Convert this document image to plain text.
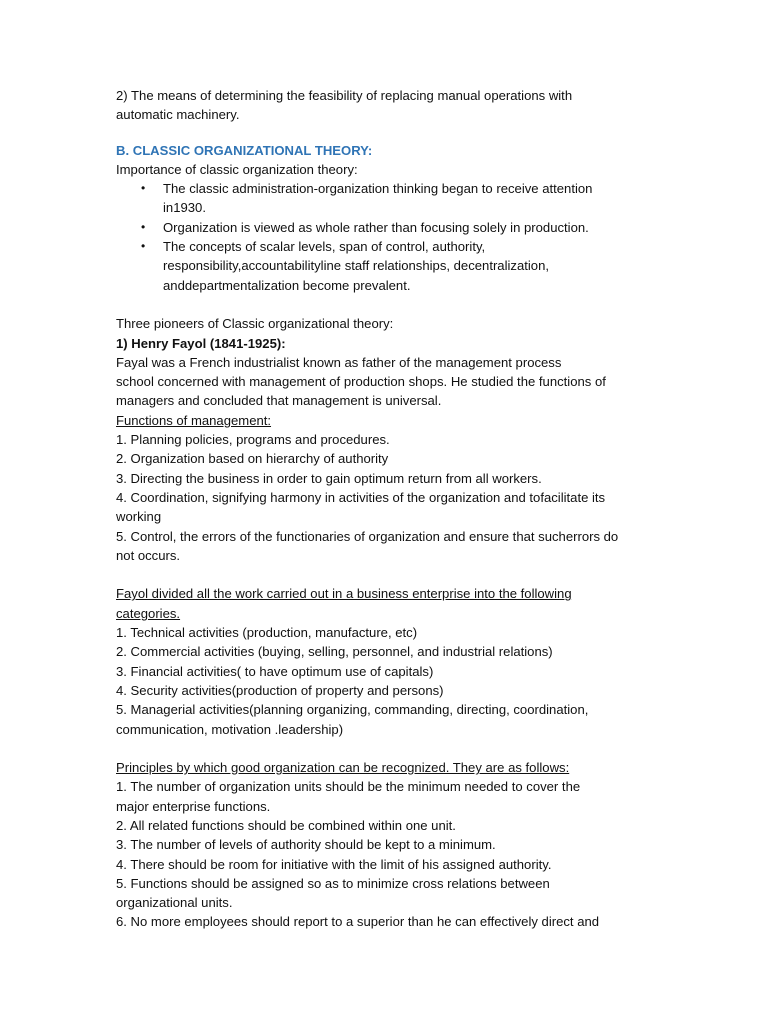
2) The means of determining the feasibility of replacing manual operations with
automatic machinery.
B. CLASSIC ORGANIZATIONAL THEORY:
Importance of classic organization theory:
• The classic administration-organization thinking began to receive attention
in1930.
• Organization is viewed as whole rather than focusing solely in production.
• The concepts of scalar levels, span of control, authority,
responsibility,accountabilityline staff relationships, decentralization,
anddepartmentalization become prevalent.
Three pioneers of Classic organizational theory:
1) Henry Fayol (1841-1925):
Fayal was a French industrialist known as father of the management process
school concerned with management of production shops. He studied the functions of
managers and concluded that management is universal.
Functions of management:
1. Planning policies, programs and procedures.
2. Organization based on hierarchy of authority
3. Directing the business in order to gain optimum return from all workers.
4. Coordination, signifying harmony in activities of the organization and tofacilitate its
working
5. Control, the errors of the functionaries of organization and ensure that sucherrors do
not occurs.
Fayol divided all the work carried out in a business enterprise into the following
categories.
1. Technical activities (production, manufacture, etc)
2. Commercial activities (buying, selling, personnel, and industrial relations)
3. Financial activities( to have optimum use of capitals)
4. Security activities(production of property and persons)
5. Managerial activities(planning organizing, commanding, directing, coordination,
communication, motivation .leadership)
Principles by which good organization can be recognized. They are as follows:
1. The number of organization units should be the minimum needed to cover the
major enterprise functions.
2. All related functions should be combined within one unit.
3. The number of levels of authority should be kept to a minimum.
4. There should be room for initiative with the limit of his assigned authority.
5. Functions should be assigned so as to minimize cross relations between
organizational units.
6. No more employees should report to a superior than he can effectively direct and
